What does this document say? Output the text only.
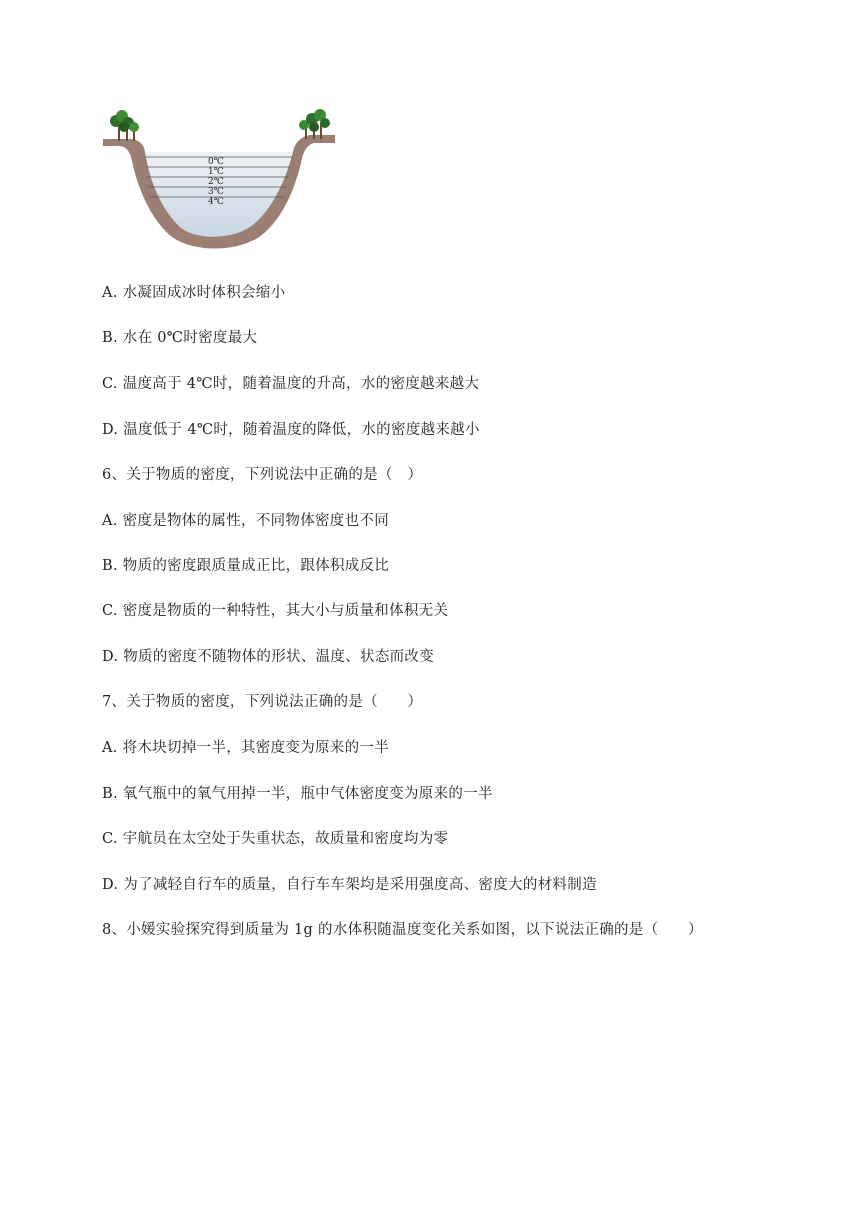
0℃
1℃
2℃
3℃
4℃
A. 水凝固成冰时体积会缩小
B. 水在 0℃时密度最大
C. 温度高于 4℃时，随着温度的升高，水的密度越来越大
D. 温度低于 4℃时，随着温度的降低，水的密度越来越小
6、关于物质的密度，下列说法中正确的是（　）
A. 密度是物体的属性，不同物体密度也不同
B. 物质的密度跟质量成正比，跟体积成反比
C. 密度是物质的一种特性，其大小与质量和体积无关
D. 物质的密度不随物体的形状、温度、状态而改变
7、关于物质的密度，下列说法正确的是（　　）
A. 将木块切掉一半，其密度变为原来的一半
B. 氧气瓶中的氧气用掉一半，瓶中气体密度变为原来的一半
C. 宇航员在太空处于失重状态，故质量和密度均为零
D. 为了减轻自行车的质量，自行车车架均是采用强度高、密度大的材料制造
8、小媛实验探究得到质量为 1g 的水体积随温度变化关系如图，以下说法正确的是（　　）
